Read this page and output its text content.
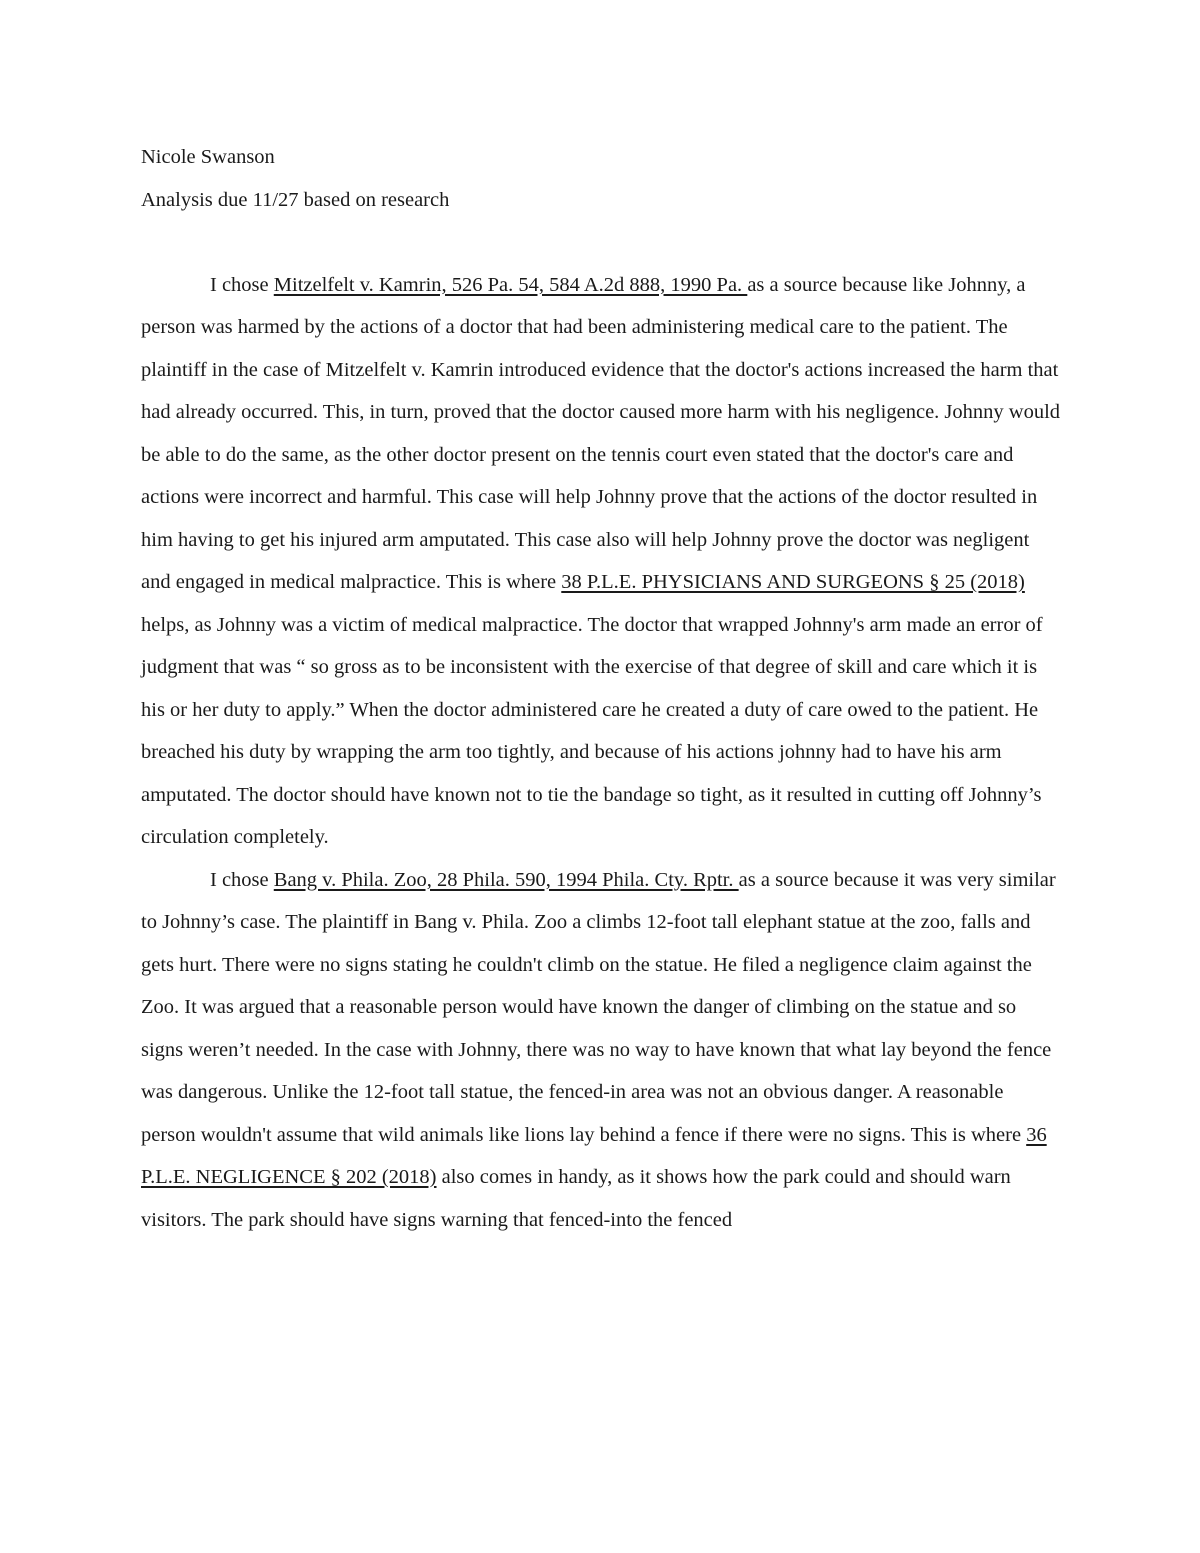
Nicole Swanson
Analysis due 11/27 based on research

I chose Mitzelfelt v. Kamrin, 526 Pa. 54, 584 A.2d 888, 1990 Pa. as a source because like Johnny, a person was harmed by the actions of a doctor that had been administering medical care to the patient. The plaintiff in the case of Mitzelfelt v. Kamrin introduced evidence that the doctor's actions increased the harm that had already occurred. This, in turn, proved that the doctor caused more harm with his negligence. Johnny would be able to do the same, as the other doctor present on the tennis court even stated that the doctor's care and actions were incorrect and harmful. This case will help Johnny prove that the actions of the doctor resulted in him having to get his injured arm amputated. This case also will help Johnny prove the doctor was negligent and engaged in medical malpractice. This is where 38 P.L.E. PHYSICIANS AND SURGEONS § 25 (2018) helps, as Johnny was a victim of medical malpractice. The doctor that wrapped Johnny's arm made an error of judgment that was “ so gross as to be inconsistent with the exercise of that degree of skill and care which it is his or her duty to apply.” When the doctor administered care he created a duty of care owed to the patient. He breached his duty by wrapping the arm too tightly, and because of his actions johnny had to have his arm amputated. The doctor should have known not to tie the bandage so tight, as it resulted in cutting off Johnny’s circulation completely.

I chose Bang v. Phila. Zoo, 28 Phila. 590, 1994 Phila. Cty. Rptr. as a source because it was very similar to Johnny’s case. The plaintiff in Bang v. Phila. Zoo a climbs 12-foot tall elephant statue at the zoo, falls and gets hurt. There were no signs stating he couldn't climb on the statue. He filed a negligence claim against the Zoo. It was argued that a reasonable person would have known the danger of climbing on the statue and so signs weren’t needed. In the case with Johnny, there was no way to have known that what lay beyond the fence was dangerous. Unlike the 12-foot tall statue, the fenced-in area was not an obvious danger. A reasonable person wouldn't assume that wild animals like lions lay behind a fence if there were no signs. This is where 36 P.L.E. NEGLIGENCE § 202 (2018) also comes in handy, as it shows how the park could and should warn visitors. The park should have signs warning that fenced-into the fenced
